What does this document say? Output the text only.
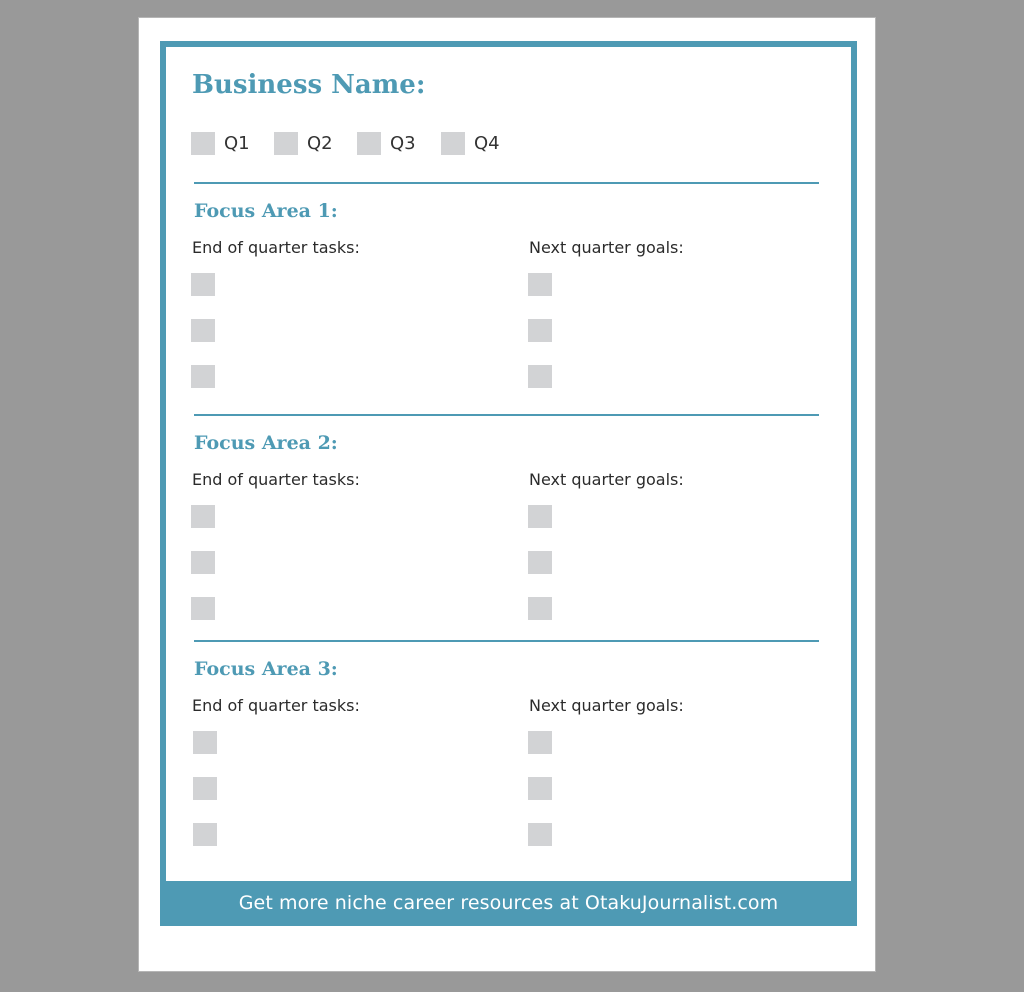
Business Name:
Q1	Q2	Q3	Q4
Focus Area 1:
End of quarter tasks:	Next quarter goals:
Focus Area 2:
End of quarter tasks:	Next quarter goals:
Focus Area 3:
End of quarter tasks:	Next quarter goals:
Get more niche career resources at OtakuJournalist.com
